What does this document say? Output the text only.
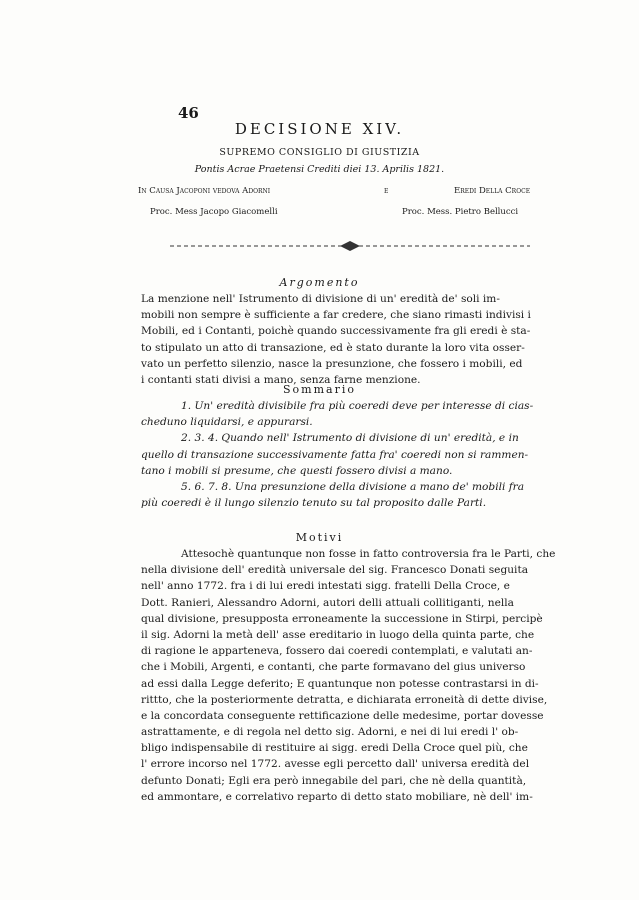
46
DECISIONE XIV.
SUPREMO CONSIGLIO DI GIUSTIZIA
Pontis Acrae Praetensi Crediti diei 13. Aprilis 1821.
In Causa Jacoponi vedova Adorni	e	Eredi Della Croce
Proc. Mess Jacopo Giacomelli	Proc. Mess. Pietro Bellucci
Argomento
La menzione nell' Istrumento di divisione di un' eredità de' soli im-
mobili non sempre è sufficiente a far credere, che siano rimasti indivisi i
Mobili, ed i Contanti, poichè quando successivamente fra gli eredi è sta-
to stipulato un atto di transazione, ed è stato durante la loro vita osser-
vato un perfetto silenzio, nasce la presunzione, che fossero i mobili, ed
i contanti stati divisi a mano, senza farne menzione.
Sommario
1. Un' eredità divisibile fra più coeredi deve per interesse di cias-
cheduno liquidarsi, e appurarsi.
2. 3. 4. Quando nell' Istrumento di divisione di un' eredità, e in
quello di transazione successivamente fatta fra' coeredi non si rammen-
tano i mobili si presume, che questi fossero divisi a mano.
5. 6. 7. 8. Una presunzione della divisione a mano de' mobili fra
più coeredi è il lungo silenzio tenuto su tal proposito dalle Parti.
Motivi
Attesochè quantunque non fosse in fatto controversia fra le Parti, che
nella divisione dell' eredità universale del sig. Francesco Donati seguita
nell' anno 1772. fra i di lui eredi intestati sigg. fratelli Della Croce, e
Dott. Ranieri, Alessandro Adorni, autori delli attuali collitiganti, nella
qual divisione, presupposta erroneamente la successione in Stirpi, percipè
il sig. Adorni la metà dell' asse ereditario in luogo della quinta parte, che
di ragione le apparteneva, fossero dai coeredi contemplati, e valutati an-
che i Mobili, Argenti, e contanti, che parte formavano del gius universo
ad essi dalla Legge deferito; E quantunque non potesse contrastarsi in di-
rittto, che la posteriormente detratta, e dichiarata erroneità di dette divise,
e la concordata conseguente rettificazione delle medesime, portar dovesse
astrattamente, e di regola nel detto sig. Adorni, e nei di lui eredi l' ob-
bligo indispensabile di restituire ai sigg. eredi Della Croce quel più, che
l' errore incorso nel 1772. avesse egli percetto dall' universa eredità del
defunto Donati; Egli era però innegabile del pari, che nè della quantità,
ed ammontare, e correlativo reparto di detto stato mobiliare, nè dell' im-
